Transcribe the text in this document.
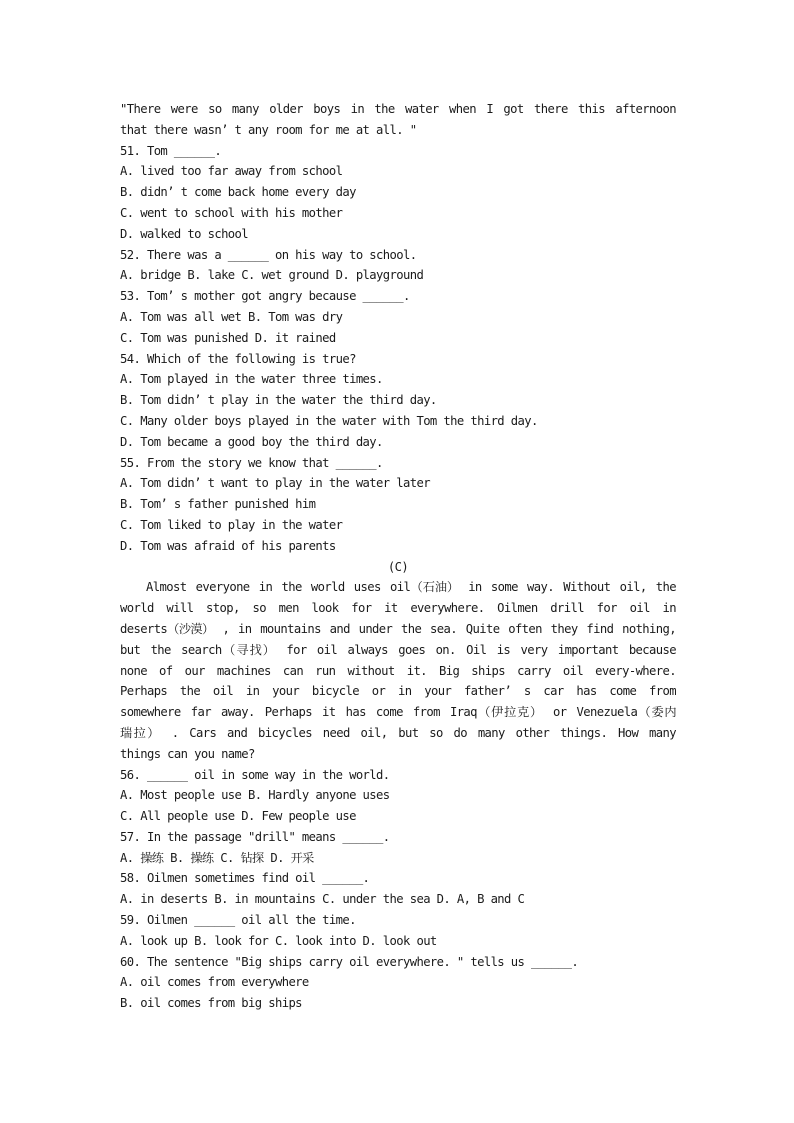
"There were so many older boys in the water when I got there this afternoon
that there wasn’ t any room for me at all. "
51. Tom ______.
A. lived too far away from school
B. didn’ t come back home every day
C. went to school with his mother
D. walked to school
52. There was a ______ on his way to school.
A. bridge B. lake C. wet ground D. playground
53. Tom’ s mother got angry because ______.
A. Tom was all wet B. Tom was dry
C. Tom was punished D. it rained
54. Which of the following is true?
A. Tom played in the water three times.
B. Tom didn’ t play in the water the third day.
C. Many older boys played in the water with Tom the third day.
D. Tom became a good boy the third day.
55. From the story we know that ______.
A. Tom didn’ t want to play in the water later
B. Tom’ s father punished him
C. Tom liked to play in the water
D. Tom was afraid of his parents
(C)
Almost everyone in the world uses oil（石油） in some way. Without oil, the
world will stop, so men look for it everywhere. Oilmen drill for oil in
deserts（沙漠） , in mountains and under the sea. Quite often they find nothing,
but the search（寻找） for oil always goes on. Oil is very important because
none of our machines can run without it. Big ships carry oil every-where.
Perhaps the oil in your bicycle or in your father’ s car has come from
somewhere far away. Perhaps it has come from Iraq（伊拉克） or Venezuela（委内
瑞拉） . Cars and bicycles need oil, but so do many other things. How many
things can you name?
56. ______ oil in some way in the world.
A. Most people use B. Hardly anyone uses
C. All people use D. Few people use
57. In the passage "drill" means ______.
A. 操练 B. 操练 C. 钻探 D. 开采
58. Oilmen sometimes find oil ______.
A. in deserts B. in mountains C. under the sea D. A, B and C
59. Oilmen ______ oil all the time.
A. look up B. look for C. look into D. look out
60. The sentence "Big ships carry oil everywhere. " tells us ______.
A. oil comes from everywhere
B. oil comes from big ships
